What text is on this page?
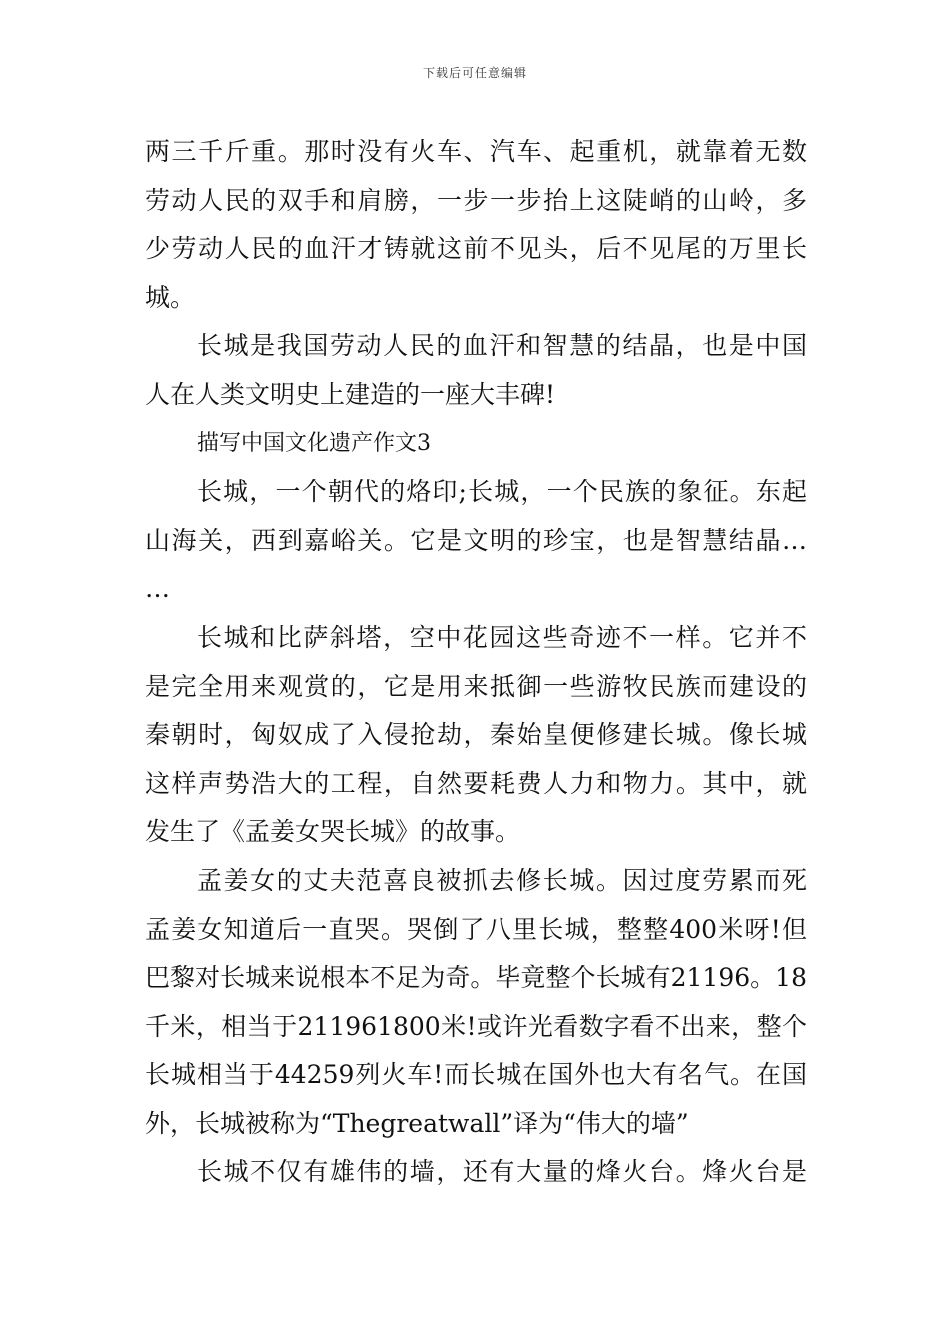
下载后可任意编辑
两三千斤重。那时没有火车、汽车、起重机，就靠着无数
劳动人民的双手和肩膀，一步一步抬上这陡峭的山岭，多
少劳动人民的血汗才铸就这前不见头，后不见尾的万里长
城。
长城是我国劳动人民的血汗和智慧的结晶，也是中国
人在人类文明史上建造的一座大丰碑!
描写中国文化遗产作文3
长城，一个朝代的烙印;长城，一个民族的象征。东起
山海关，西到嘉峪关。它是文明的珍宝，也是智慧结晶…
…
长城和比萨斜塔，空中花园这些奇迹不一样。它并不
是完全用来观赏的，它是用来抵御一些游牧民族而建设的
秦朝时，匈奴成了入侵抢劫，秦始皇便修建长城。像长城
这样声势浩大的工程，自然要耗费人力和物力。其中，就
发生了《孟姜女哭长城》的故事。
孟姜女的丈夫范喜良被抓去修长城。因过度劳累而死
孟姜女知道后一直哭。哭倒了八里长城，整整400米呀!但
巴黎对长城来说根本不足为奇。毕竟整个长城有21196。18
千米，相当于211961800米!或许光看数字看不出来，整个
长城相当于44259列火车!而长城在国外也大有名气。在国
外，长城被称为“Thegreatwall”译为“伟大的墙”
长城不仅有雄伟的墙，还有大量的烽火台。烽火台是
